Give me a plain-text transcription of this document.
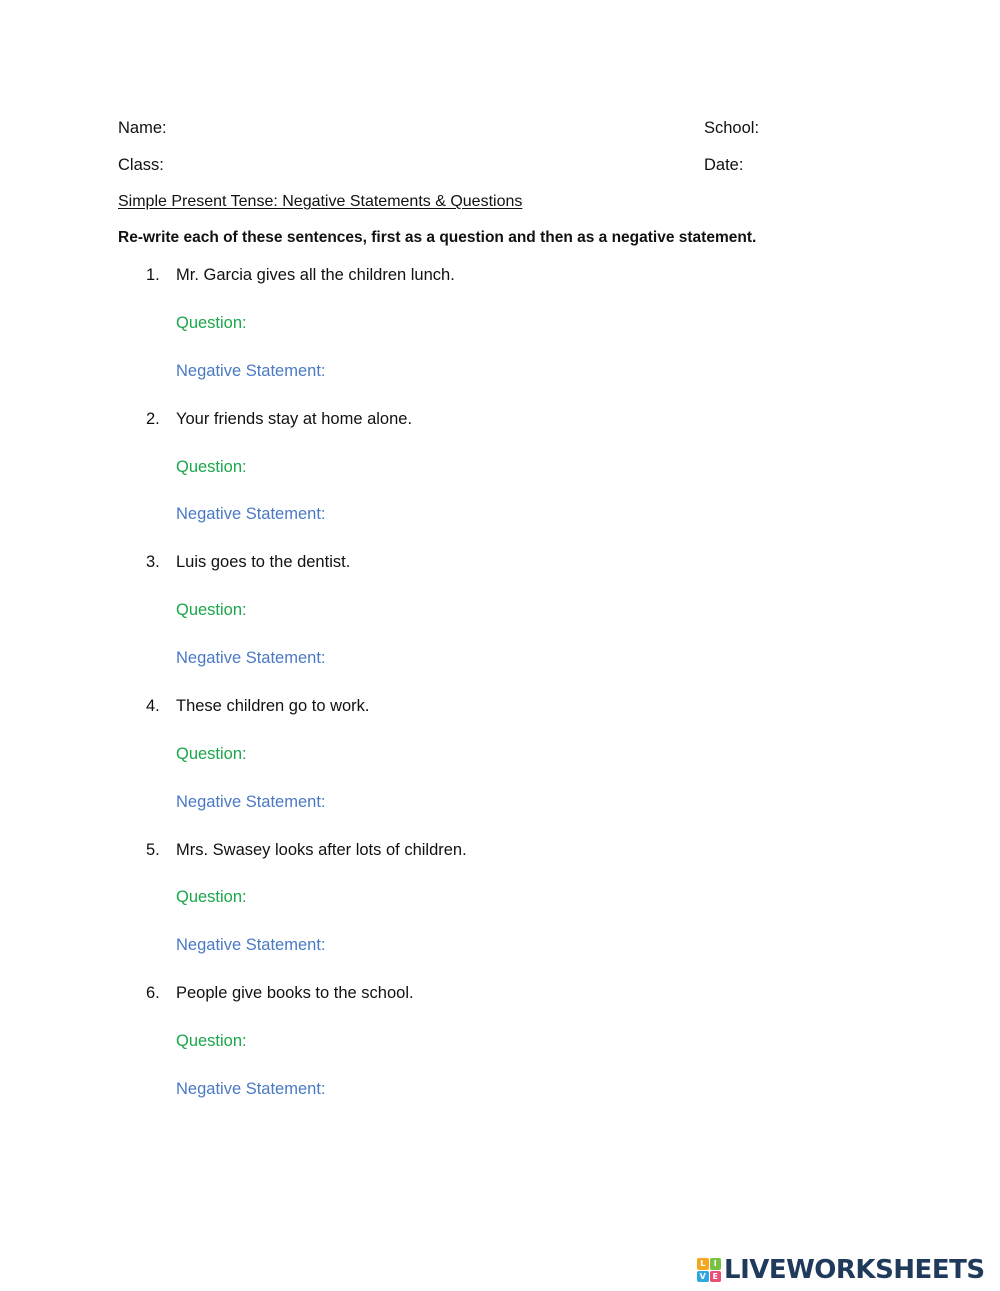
Name:	School:
Class:	Date:
Simple Present Tense: Negative Statements & Questions
Re-write each of these sentences, first as a question and then as a negative statement.
1. Mr. Garcia gives all the children lunch.
Question:
Negative Statement:
2. Your friends stay at home alone.
Question:
Negative Statement:
3. Luis goes to the dentist.
Question:
Negative Statement:
4. These children go to work.
Question:
Negative Statement:
5. Mrs. Swasey looks after lots of children.
Question:
Negative Statement:
6. People give books to the school.
Question:
Negative Statement:
L	I
V E LIVEWORKSHEETS
